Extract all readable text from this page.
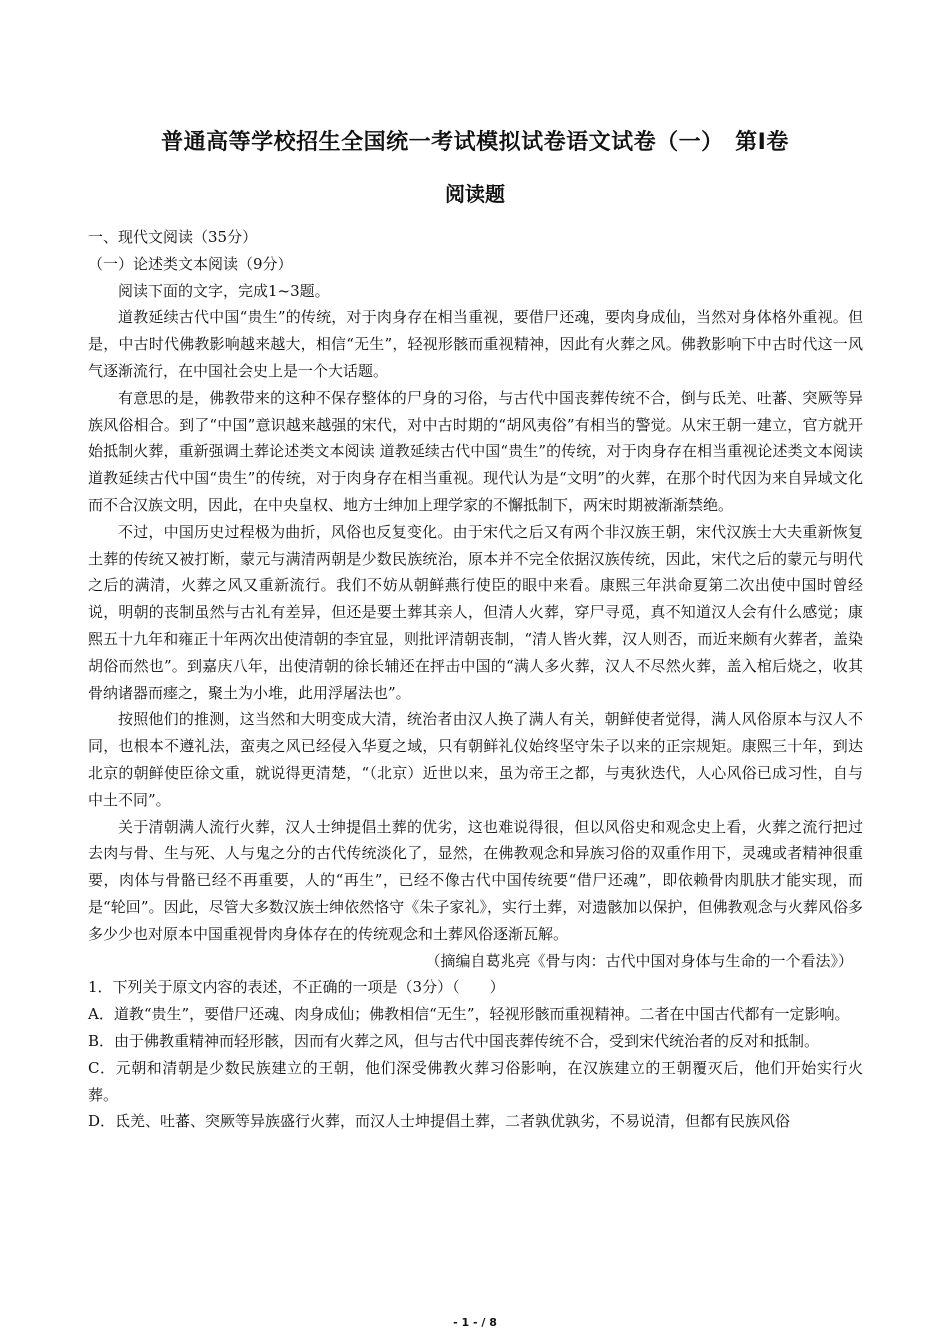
普通高等学校招生全国统一考试模拟试卷语文试卷（一）　第Ⅰ卷
阅读题

一、现代文阅读（35分）

（一）论述类文本阅读（9分）

阅读下面的文字，完成1~3题。

道教延续古代中国“贵生”的传统，对于肉身存在相当重视，要借尸还魂，要肉身成仙，当然对身体格外重视。但是，中古时代佛教影响越来越大，相信“无生”，轻视形骸而重视精神，因此有火葬之风。佛教影响下中古时代这一风气逐渐流行，在中国社会史上是一个大话题。

有意思的是，佛教带来的这种不保存整体的尸身的习俗，与古代中国丧葬传统不合，倒与氐羌、吐蕃、突厥等异族风俗相合。到了“中国”意识越来越强的宋代，对中古时期的“胡风夷俗”有相当的警觉。从宋王朝一建立，官方就开始抵制火葬，重新强调土葬论述类文本阅读 道教延续古代中国“贵生”的传统，对于肉身存在相当重视论述类文本阅读 道教延续古代中国“贵生”的传统，对于肉身存在相当重视。现代认为是“文明”的火葬，在那个时代因为来自异域文化而不合汉族文明，因此，在中央皇权、地方士绅加上理学家的不懈抵制下，两宋时期被渐渐禁绝。

不过，中国历史过程极为曲折，风俗也反复变化。由于宋代之后又有两个非汉族王朝，宋代汉族士大夫重新恢复土葬的传统又被打断，蒙元与满清两朝是少数民族统治，原本并不完全依据汉族传统，因此，宋代之后的蒙元与明代之后的满清，火葬之风又重新流行。我们不妨从朝鲜燕行使臣的眼中来看。康熙三年洪命夏第二次出使中国时曾经说，明朝的丧制虽然与古礼有差异，但还是要土葬其亲人，但清人火葬，穿尸寻觅，真不知道汉人会有什么感觉；康熙五十九年和雍正十年两次出使清朝的李宜显，则批评清朝丧制，“清人皆火葬，汉人则否，而近来颇有火葬者，盖染胡俗而然也”。到嘉庆八年，出使清朝的徐长辅还在抨击中国的“满人多火葬，汉人不尽然火葬，盖入棺后烧之，收其骨纳诸器而瘗之，聚土为小堆，此用浮屠法也”。

按照他们的推测，这当然和大明变成大清，统治者由汉人换了满人有关，朝鲜使者觉得，满人风俗原本与汉人不同，也根本不遵礼法，蛮夷之风已经侵入华夏之域，只有朝鲜礼仪始终坚守朱子以来的正宗规矩。康熙三十年，到达北京的朝鲜使臣徐文重，就说得更清楚，“（北京）近世以来，虽为帝王之都，与夷狄迭代，人心风俗已成习性，自与中土不同”。

关于清朝满人流行火葬，汉人士绅提倡土葬的优劣，这也难说得很，但以风俗史和观念史上看，火葬之流行把过去肉与骨、生与死、人与鬼之分的古代传统淡化了，显然，在佛教观念和异族习俗的双重作用下，灵魂或者精神很重要，肉体与骨骼已经不再重要，人的“再生”，已经不像古代中国传统要“借尸还魂”，即依赖骨肉肌肤才能实现，而是“轮回”。因此，尽管大多数汉族士绅依然恪守《朱子家礼》，实行土葬，对遗骸加以保护，但佛教观念与火葬风俗多多少少也对原本中国重视骨肉身体存在的传统观念和土葬风俗逐渐瓦解。

（摘编自葛兆亮《骨与肉：古代中国对身体与生命的一个看法》）

1．下列关于原文内容的表述，不正确的一项是（3分）（　　）

A．道教“贵生”，要借尸还魂、肉身成仙；佛教相信“无生”，轻视形骸而重视精神。二者在中国古代都有一定影响。

B．由于佛教重精神而轻形骸，因而有火葬之风，但与古代中国丧葬传统不合，受到宋代统治者的反对和抵制。

C．元朝和清朝是少数民族建立的王朝，他们深受佛教火葬习俗影响，在汉族建立的王朝覆灭后，他们开始实行火葬。

D．氐羌、吐蕃、突厥等异族盛行火葬，而汉人士坤提倡土葬，二者孰优孰劣，不易说清，但都有民族风俗

- 1 - / 8
